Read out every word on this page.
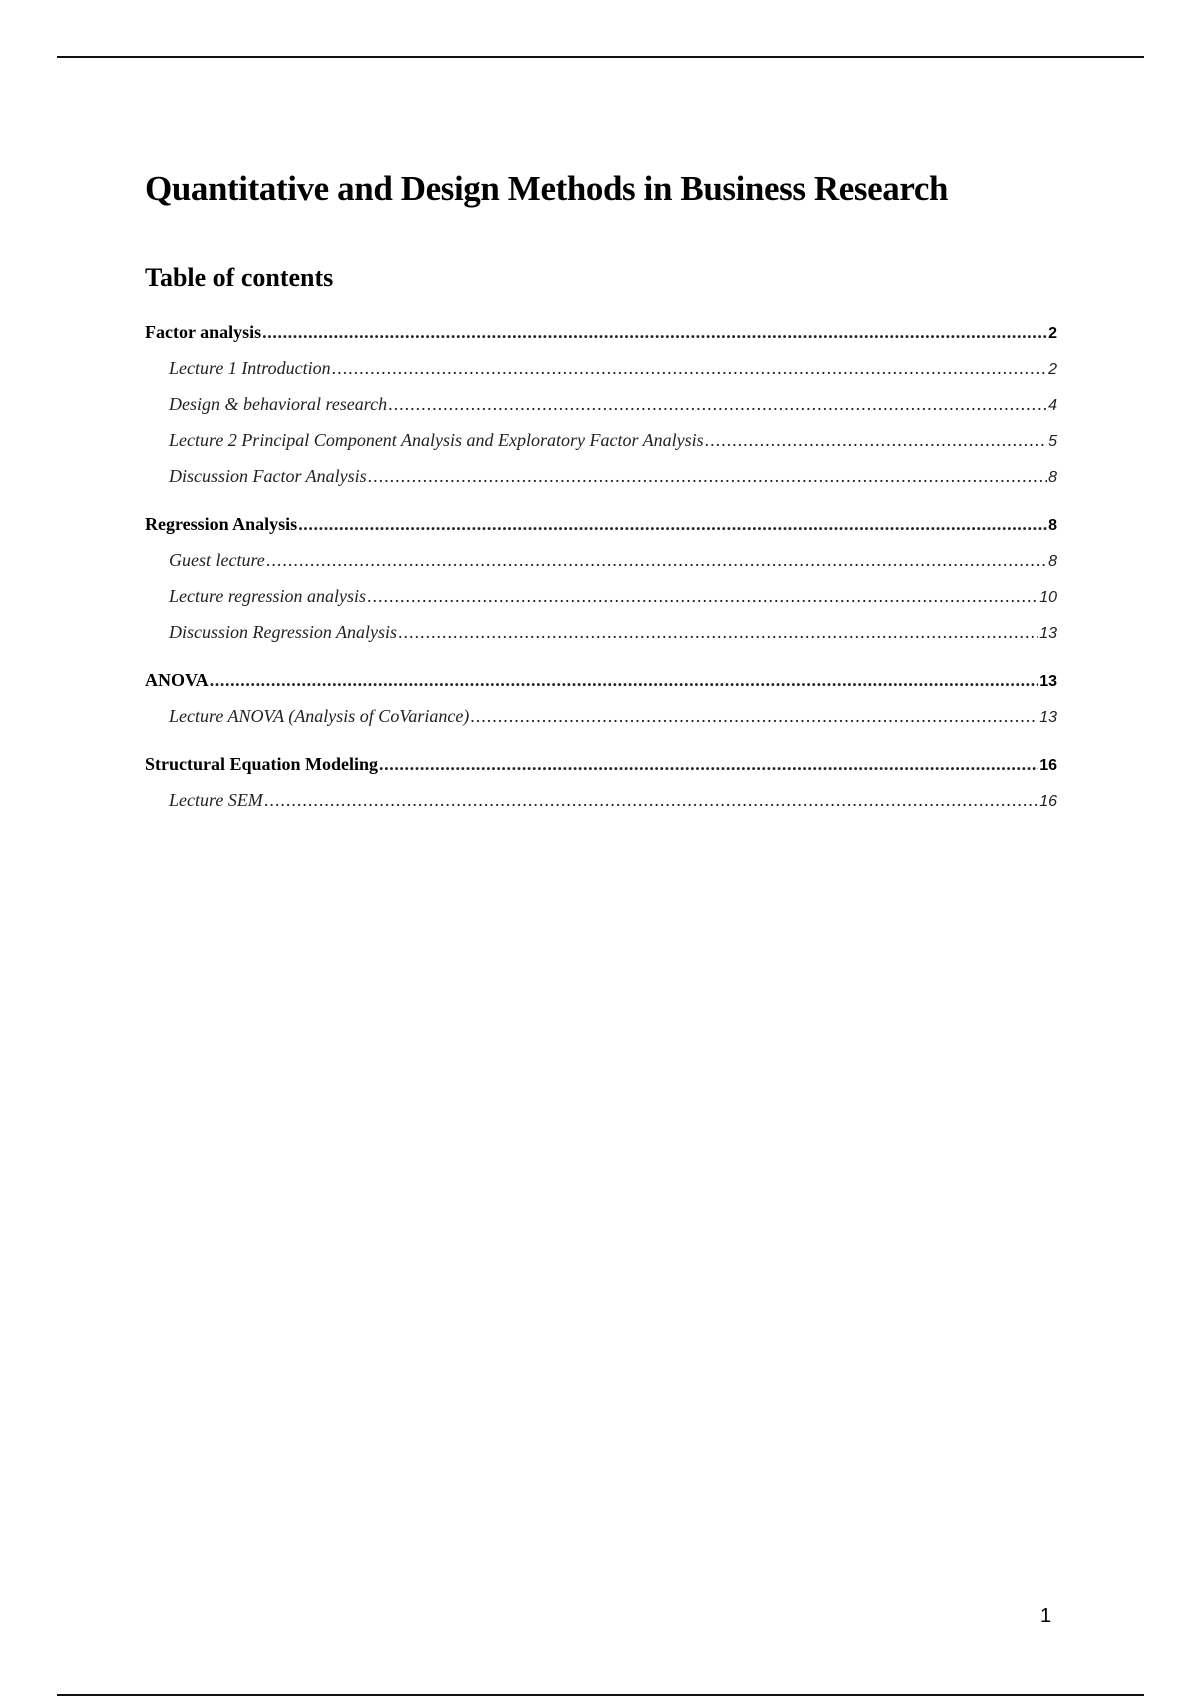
Quantitative and Design Methods in Business Research
Table of contents
Factor analysis .....	2
Lecture 1 Introduction .....	2
Design & behavioral research .....	4
Lecture 2 Principal Component Analysis and Exploratory Factor Analysis .....	5
Discussion Factor Analysis .....	8
Regression Analysis .....	8
Guest lecture .....	8
Lecture regression analysis .....	10
Discussion Regression Analysis .....	13
ANOVA .....	13
Lecture ANOVA (Analysis of CoVariance) .....	13
Structural Equation Modeling .....	16
Lecture SEM .....	16
1
